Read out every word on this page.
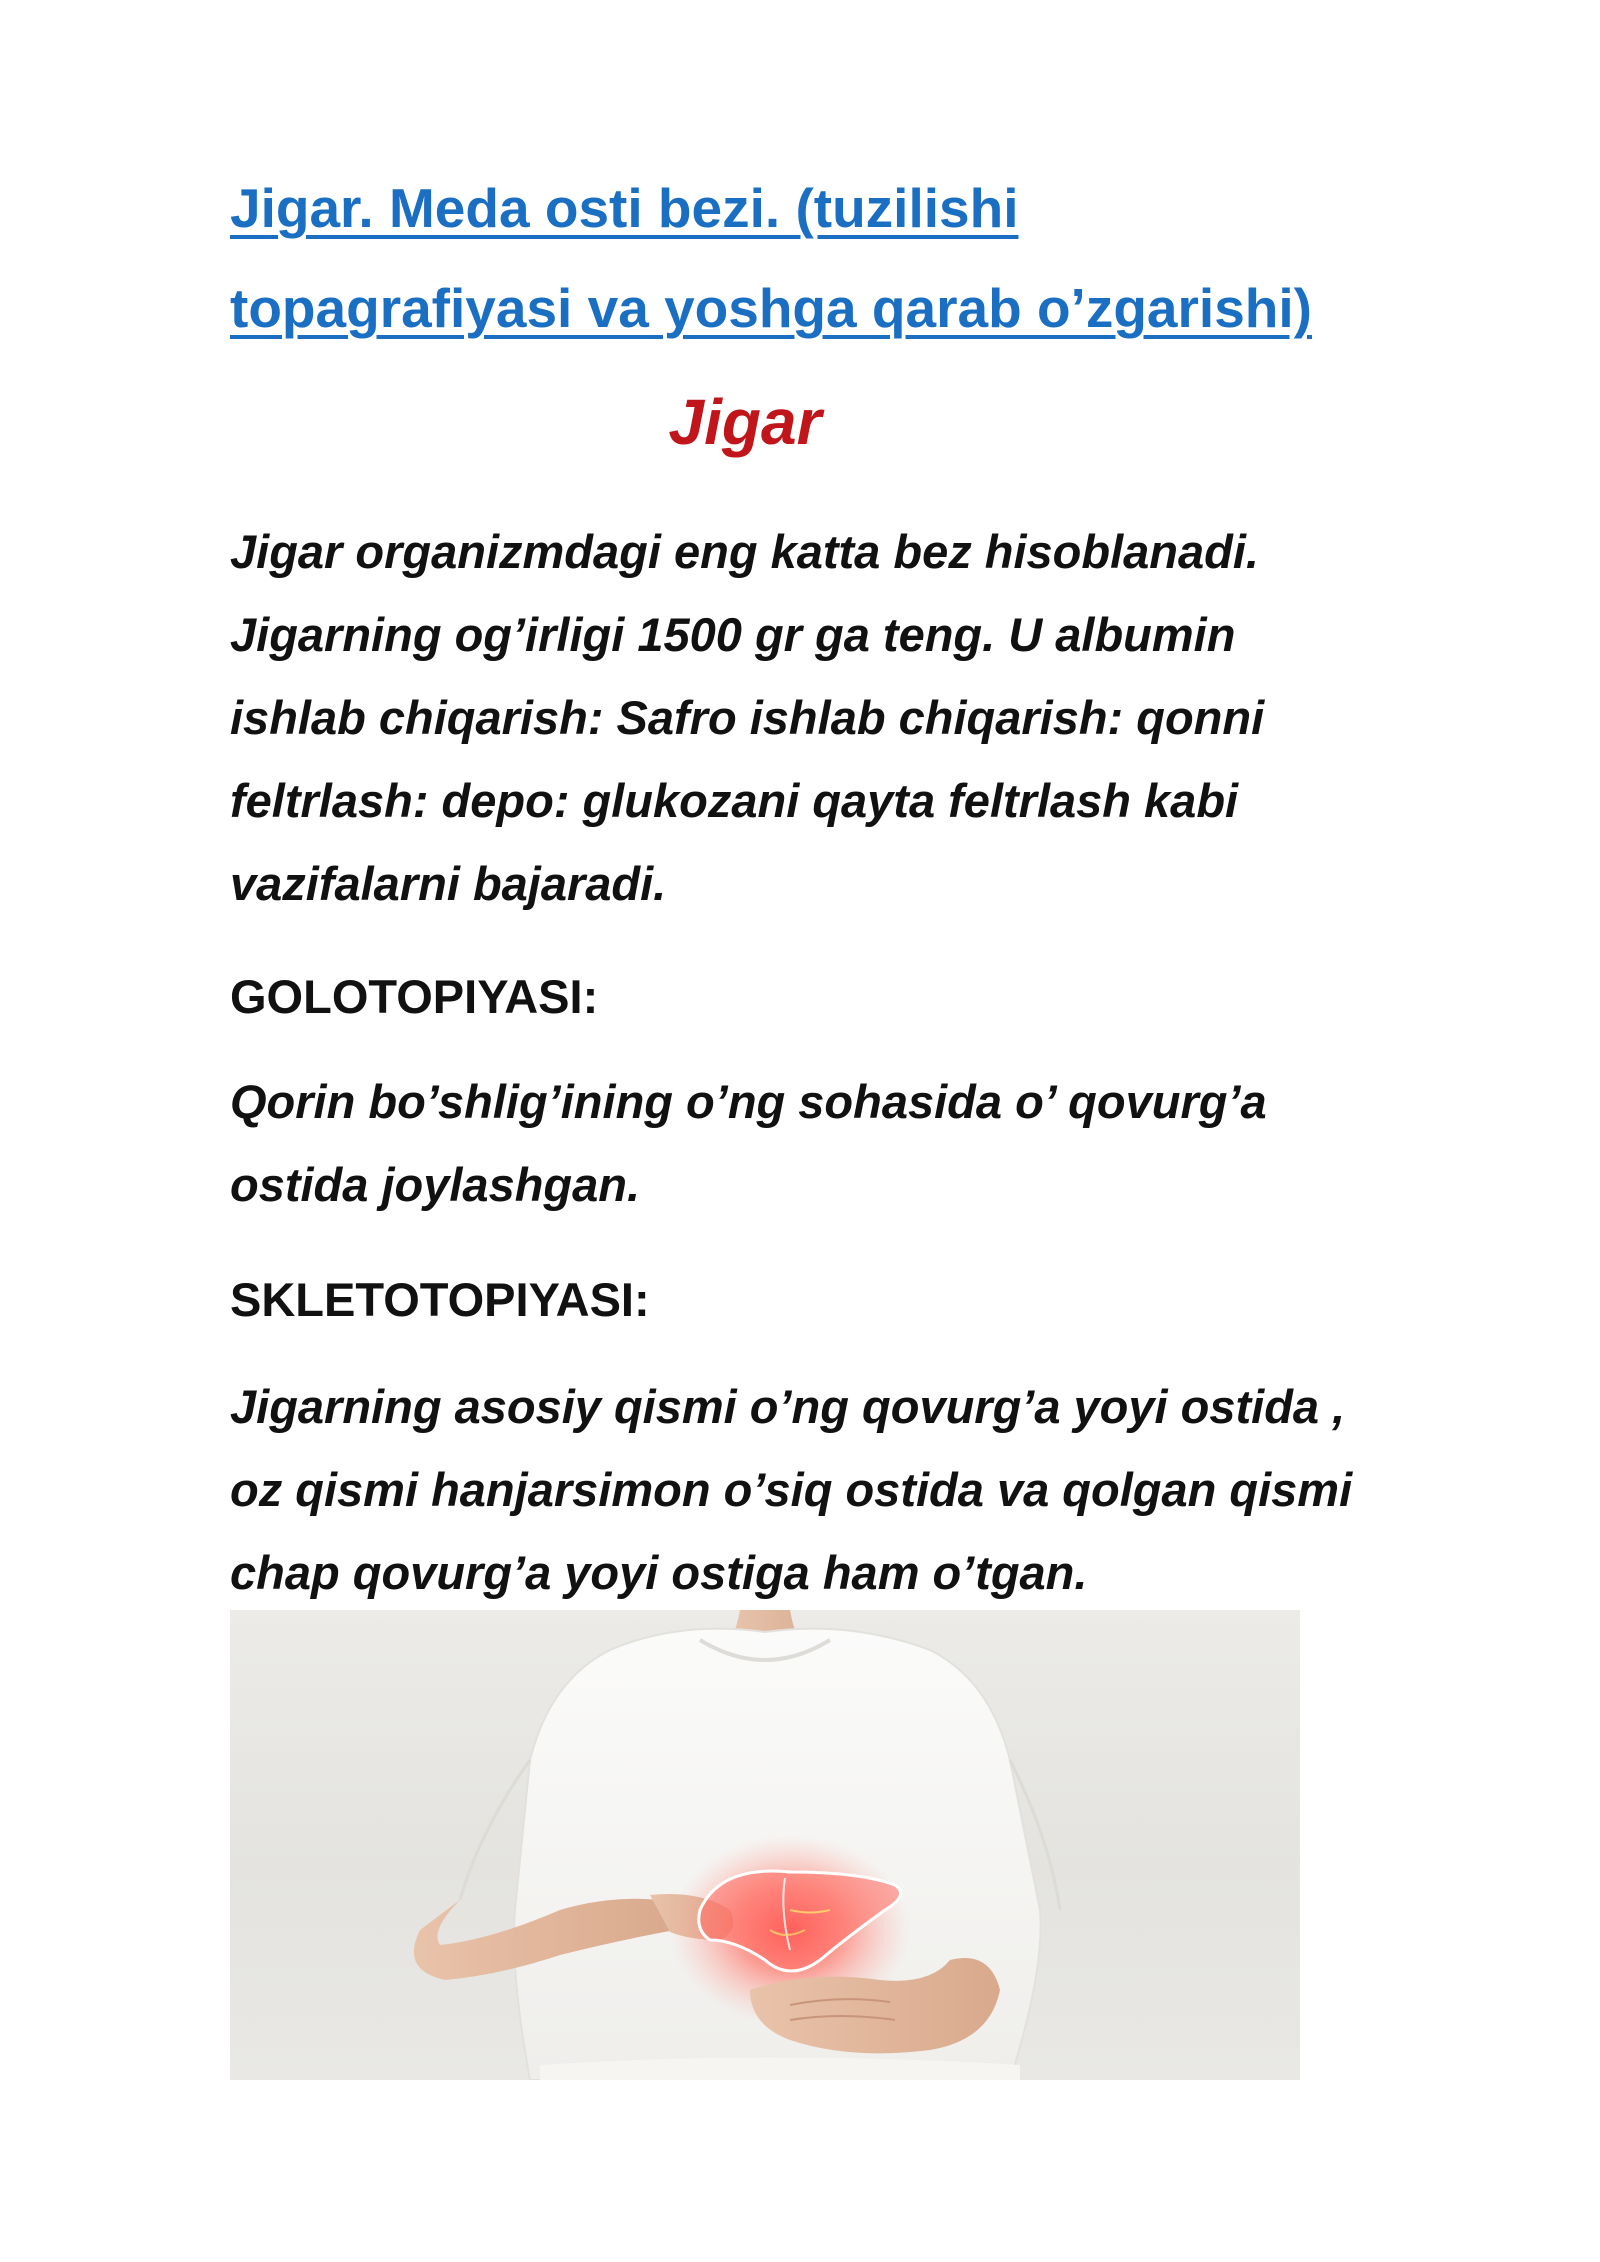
Jigar. Meda osti bezi. (tuzilishi
topagrafiyasi va yoshga qarab o’zgarishi)
Jigar

Jigar organizmdagi eng katta bez hisoblanadi.
Jigarning og’irligi 1500 gr ga teng. U albumin
ishlab chiqarish: Safro ishlab chiqarish: qonni
feltrlash: depo: glukozani qayta feltrlash kabi
vazifalarni bajaradi.

GOLOTOPIYASI:

Qorin bo’shlig’ining o’ng sohasida o’ qovurg’a
ostida joylashgan.

SKLETOTOPIYASI:

Jigarning asosiy qismi o’ng qovurg’a yoyi ostida ,
oz qismi hanjarsimon o’siq ostida va qolgan qismi
chap qovurg’a yoyi ostiga ham o’tgan.
